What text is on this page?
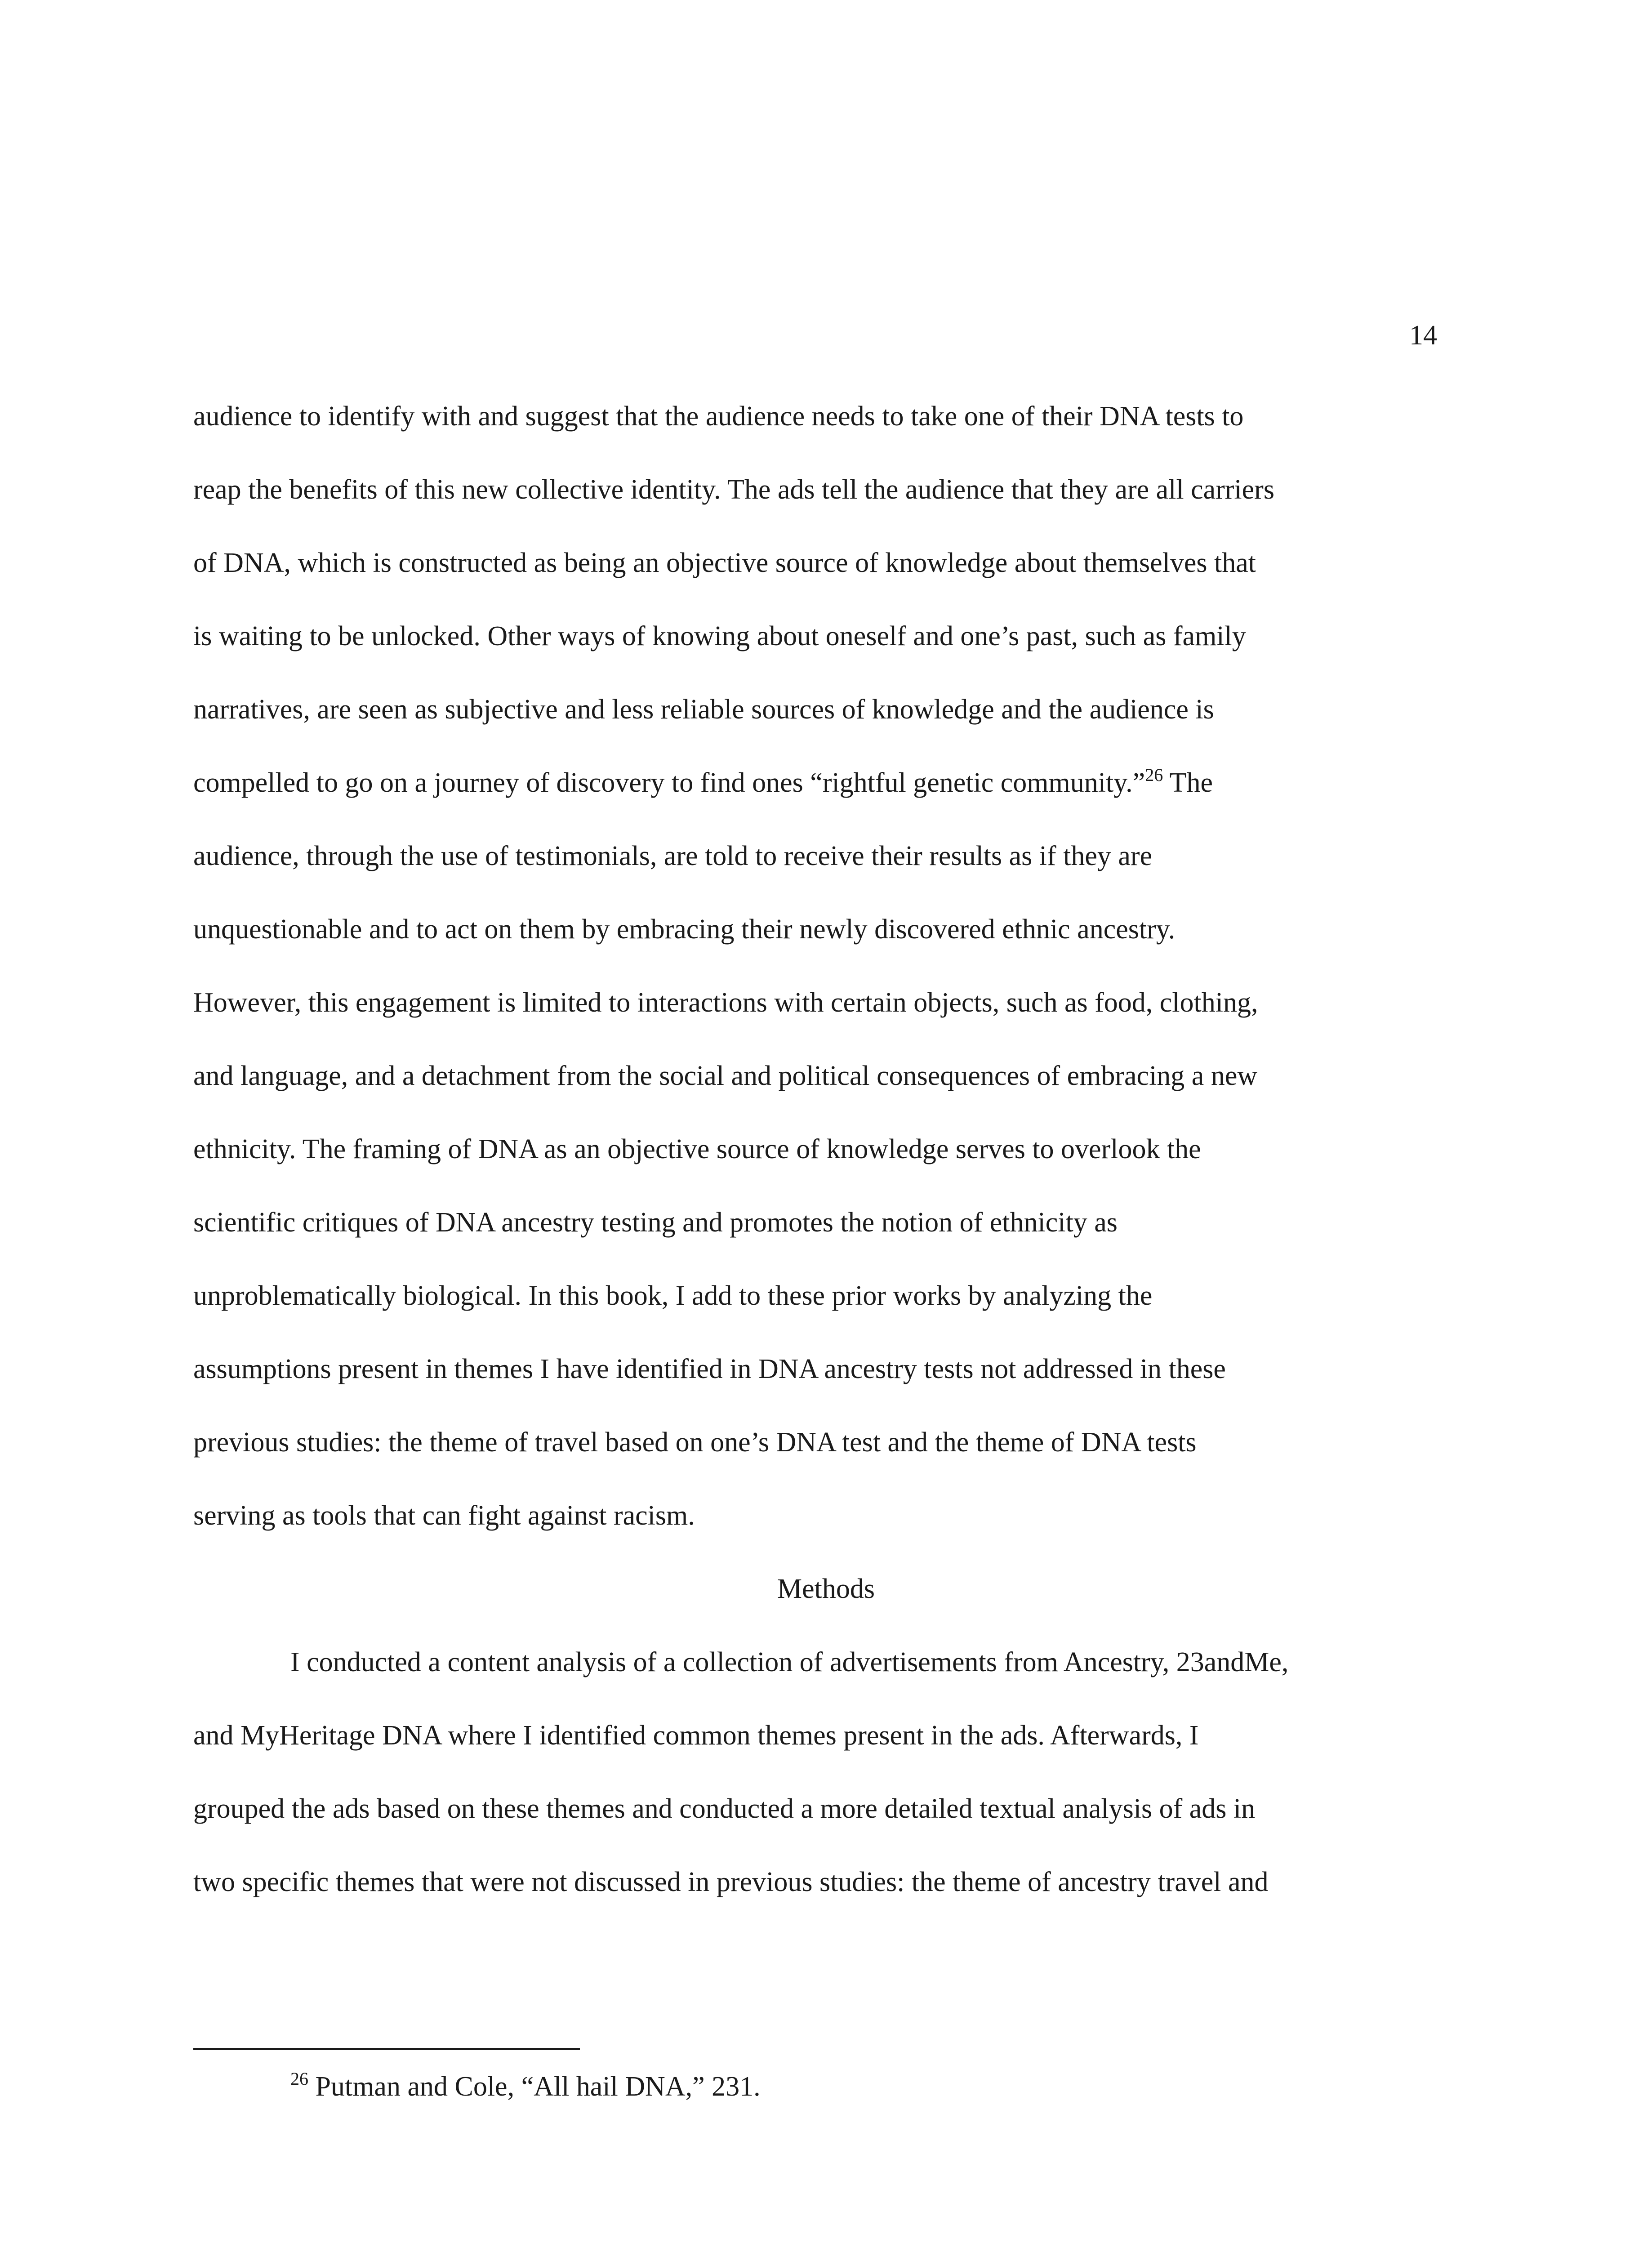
14
audience to identify with and suggest that the audience needs to take one of their DNA tests to
reap the benefits of this new collective identity. The ads tell the audience that they are all carriers
of DNA, which is constructed as being an objective source of knowledge about themselves that
is waiting to be unlocked. Other ways of knowing about oneself and one’s past, such as family
narratives, are seen as subjective and less reliable sources of knowledge and the audience is
compelled to go on a journey of discovery to find ones “rightful genetic community.”$^{26}$ The
audience, through the use of testimonials, are told to receive their results as if they are
unquestionable and to act on them by embracing their newly discovered ethnic ancestry.
However, this engagement is limited to interactions with certain objects, such as food, clothing,
and language, and a detachment from the social and political consequences of embracing a new
ethnicity. The framing of DNA as an objective source of knowledge serves to overlook the
scientific critiques of DNA ancestry testing and promotes the notion of ethnicity as
unproblematically biological. In this book, I add to these prior works by analyzing the
assumptions present in themes I have identified in DNA ancestry tests not addressed in these
previous studies: the theme of travel based on one’s DNA test and the theme of DNA tests
serving as tools that can fight against racism.
Methods
I conducted a content analysis of a collection of advertisements from Ancestry, 23andMe,
and MyHeritage DNA where I identified common themes present in the ads. Afterwards, I
grouped the ads based on these themes and conducted a more detailed textual analysis of ads in
two specific themes that were not discussed in previous studies: the theme of ancestry travel and
$^{26}$ Putman and Cole, “All hail DNA,” 231.
